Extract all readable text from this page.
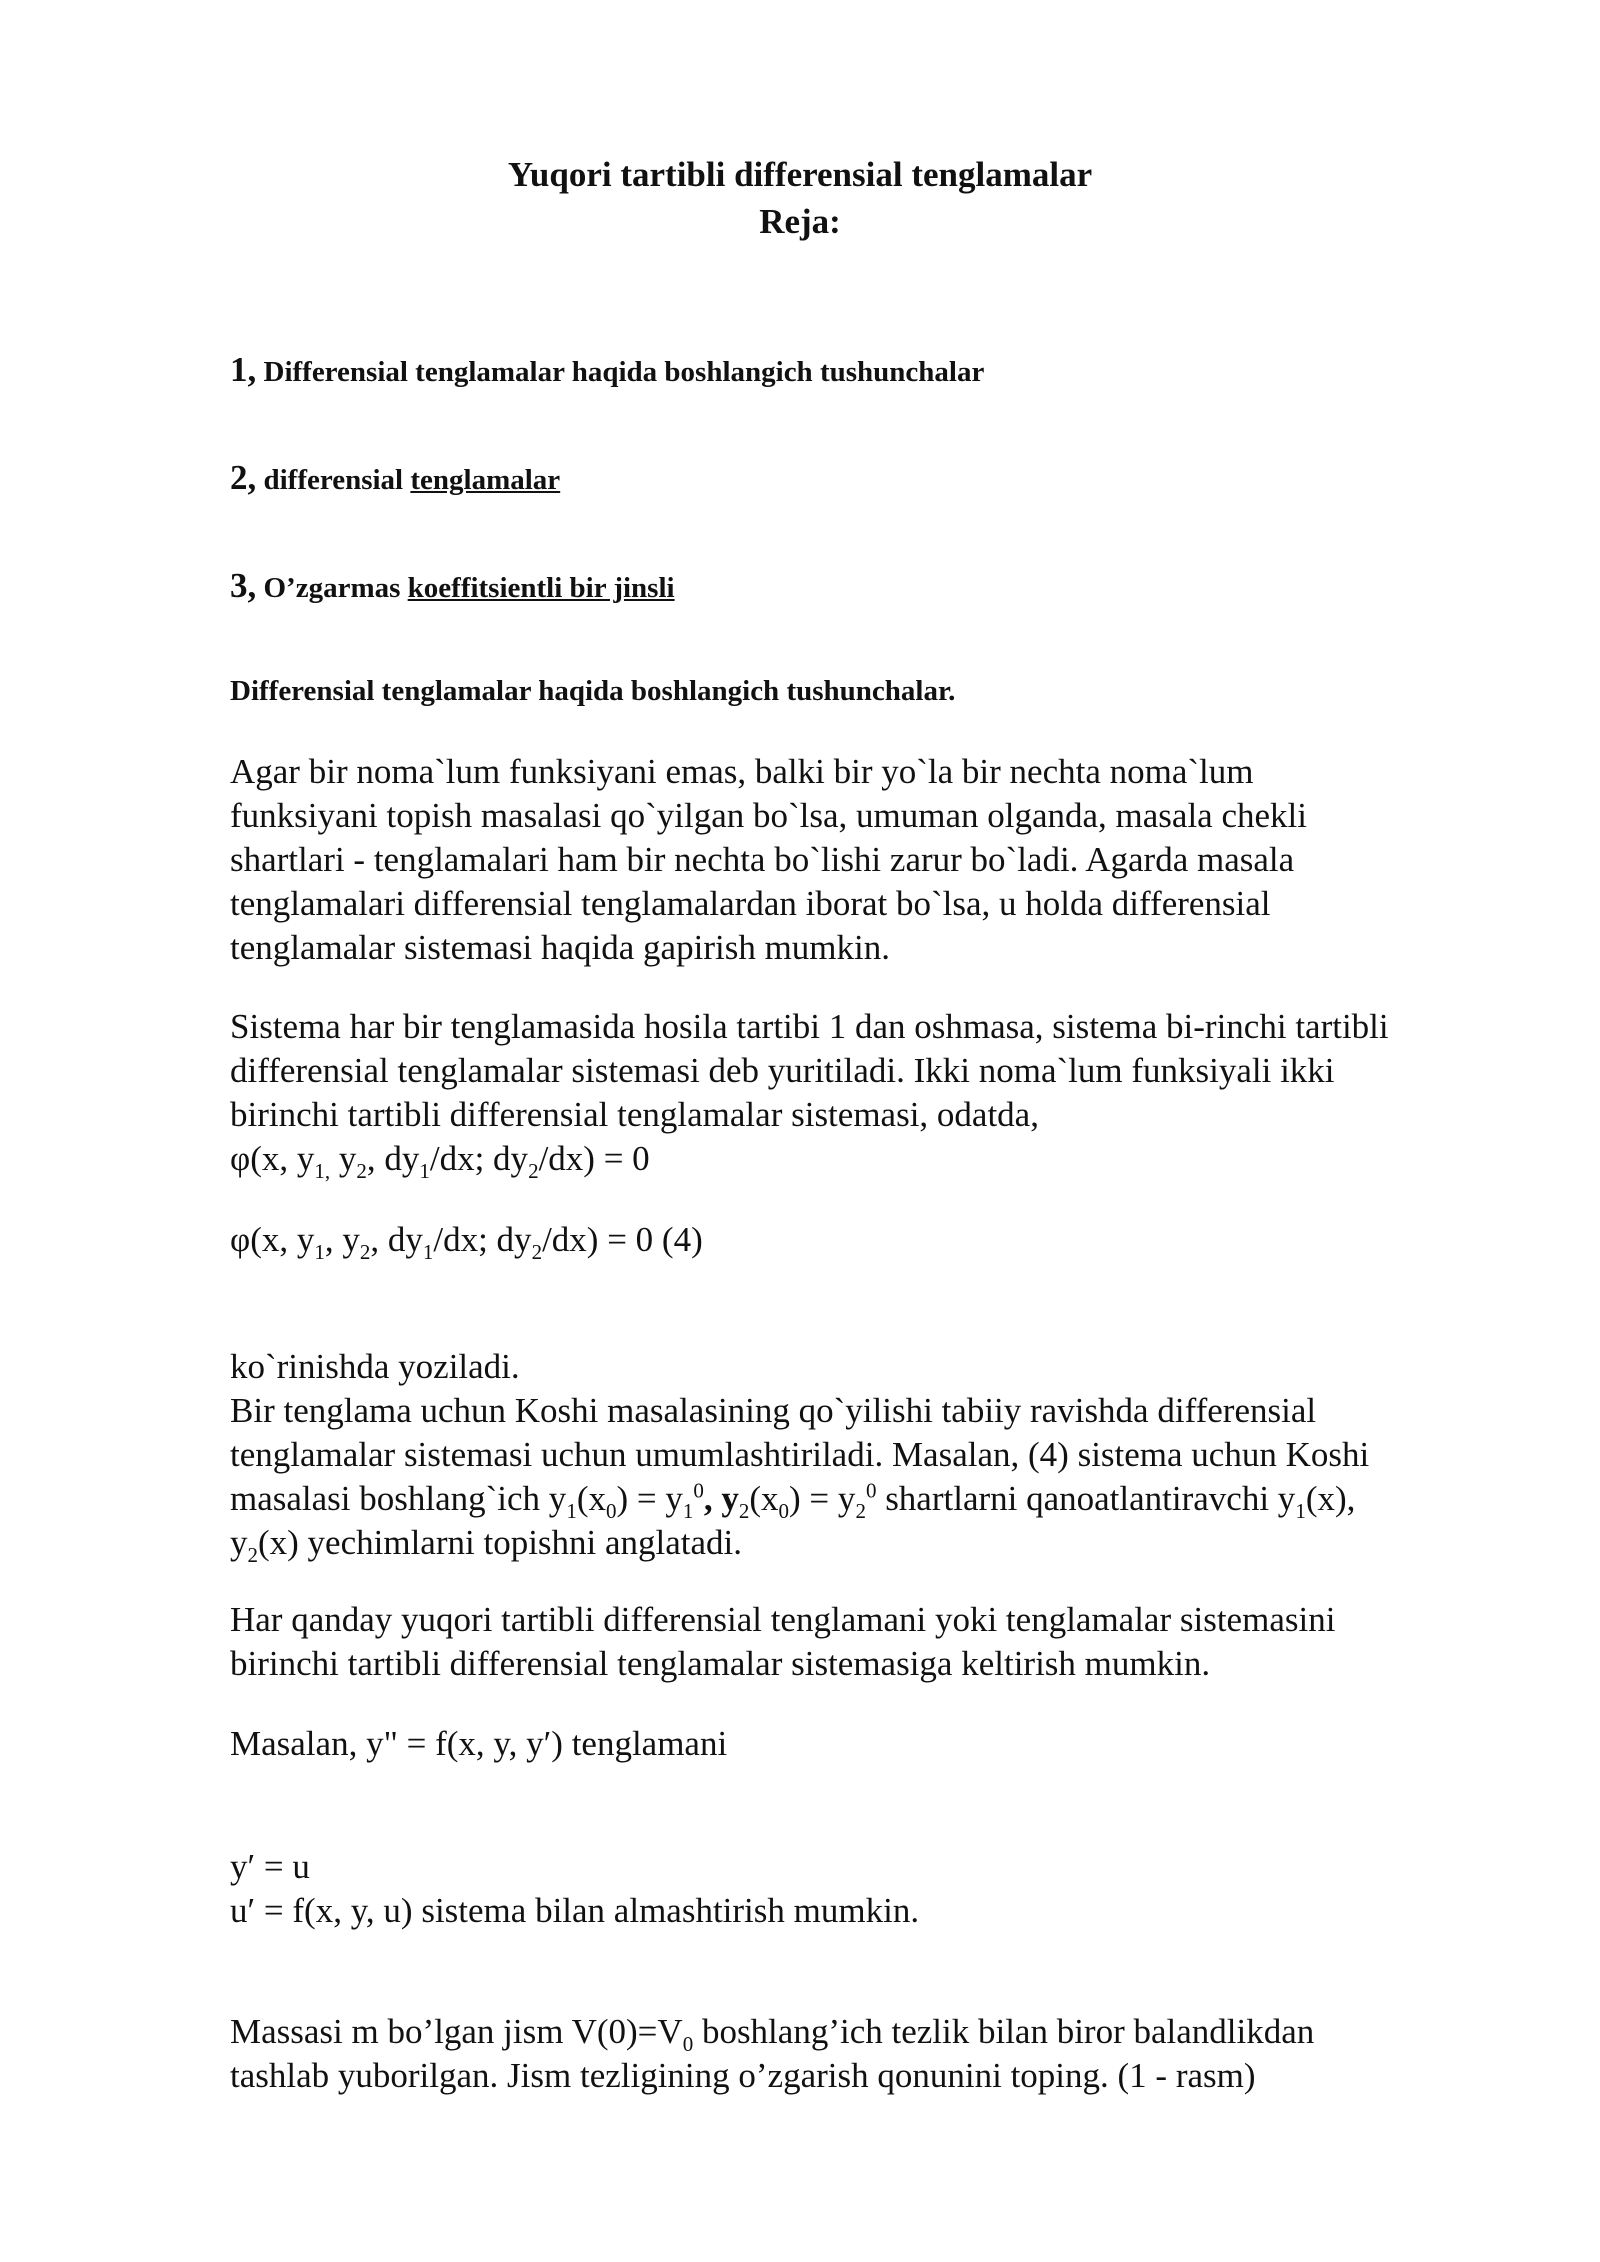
Yuqori tartibli differensial tenglamalar
Reja:
1, Differensial tenglamalar haqida boshlangich tushunchalar
2, differensial tenglamalar
3, O’zgarmas koeffitsientli bir jinsli
Differensial tenglamalar haqida boshlangich tushunchalar.
Agar bir noma`lum funksiyani emas, balki bir yo`la bir nechta noma`lum
funksiyani topish masalasi qo`yilgan bo`lsa, umuman olganda, masala chekli
shartlari - tenglamalari ham bir nechta bo`lishi zarur bo`ladi. Agarda masala
tenglamalari differensial tenglamalardan iborat bo`lsa, u holda differensial
tenglamalar sistemasi haqida gapirish mumkin.
Sistema har bir tenglamasida hosila tartibi 1 dan oshmasa, sistema bi-rinchi tartibli
differensial tenglamalar sistemasi deb yuritiladi. Ikki noma`lum funksiyali ikki
birinchi tartibli differensial tenglamalar sistemasi, odatda,
φ(x, $y_{1,}$ $y_2$, $dy_1/dx$; $dy_2/dx) = 0$
φ(x, $y_1$, $y_2$, $dy_1/dx$; $dy_2/dx) = 0$ (4)
ko`rinishda yoziladi.
Bir tenglama uchun Koshi masalasining qo`yilishi tabiiy ravishda differensial
tenglamalar sistemasi uchun umumlashtiriladi. Masalan, (4) sistema uchun Koshi
masalasi boshlang`ich $y_1(x_0) = y_1^0$, $y_2(x_0) = y_2^0$ shartlarni qanoatlantiravchi $y_1(x)$,
$y_2(x)$ yechimlarni topishni anglatadi.
Har qanday yuqori tartibli differensial tenglamani yoki tenglamalar sistemasini
birinchi tartibli differensial tenglamalar sistemasiga keltirish mumkin.
Masalan, y" = f(x, y, y′) tenglamani
y′ = u
u′ = f(x, y, u) sistema bilan almashtirish mumkin.
Massasi m bo’lgan jism $V(0)=V_0$ boshlang’ich tezlik bilan biror balandlikdan
tashlab yuborilgan. Jism tezligining o’zgarish qonunini toping. (1 - rasm)
